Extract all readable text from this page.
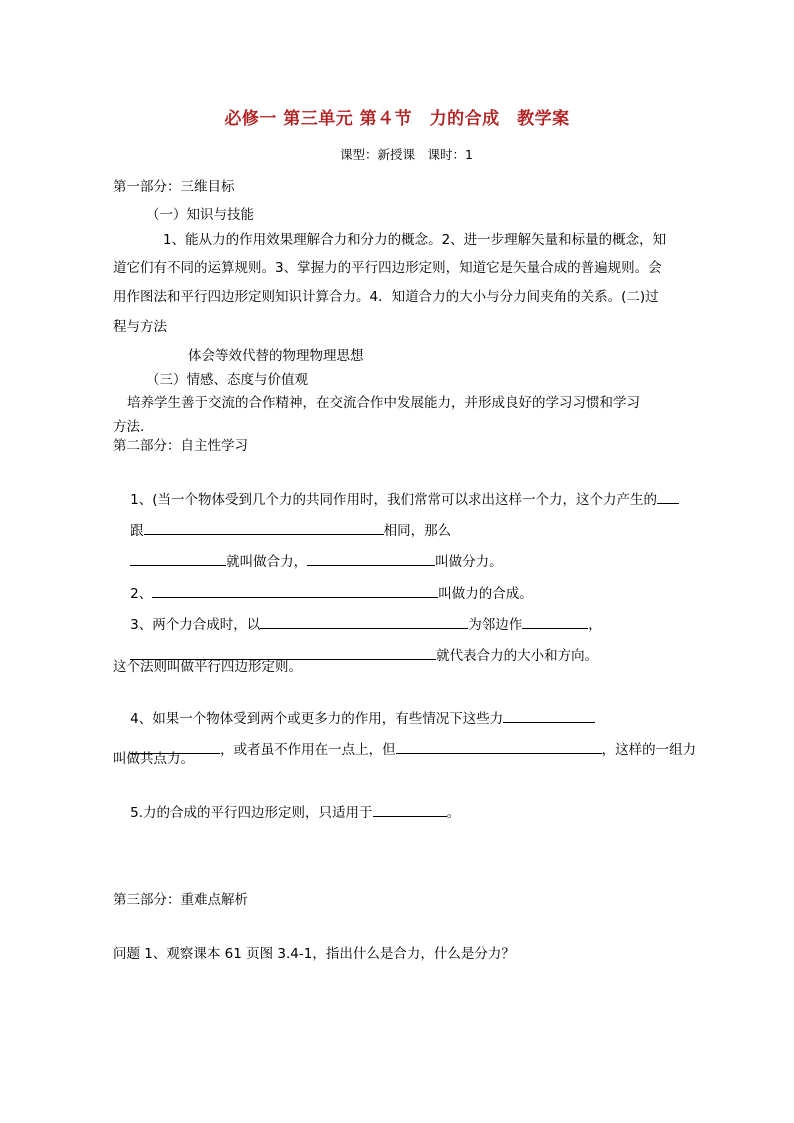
必修一 第三单元 第４节　力的合成　教学案
课型：新授课　课时：1
第一部分：三维目标
（一）知识与技能
1、能从力的作用效果理解合力和分力的概念。2、进一步理解矢量和标量的概念，知
道它们有不同的运算规则。3、掌握力的平行四边形定则，知道它是矢量合成的普遍规则。会
用作图法和平行四边形定则知识计算合力。4．知道合力的大小与分力间夹角的关系。(二)过
程与方法
体会等效代替的物理物理思想
（三）情感、态度与价值观
培养学生善于交流的合作精神，在交流合作中发展能力，并形成良好的学习习惯和学习
方法.
第二部分：自主性学习

1、(当一个物体受到几个力的共同作用时，我们常常可以求出这样一个力，这个力产生的

跟	相同，那么

就叫做合力，	叫做分力。

2、	叫做力的合成。

3、两个力合成时，以	为邻边作	，

就代表合力的大小和方向。

这个法则叫做平行四边形定则。

4、如果一个物体受到两个或更多力的作用，有些情况下这些力

，或者虽不作用在一点上，但	，这样的一组力

叫做共点力。

5.力的合成的平行四边形定则，只适用于	。

第三部分：重难点解析
问题 1、观察课本 61 页图 3.4-1，指出什么是合力，什么是分力？
